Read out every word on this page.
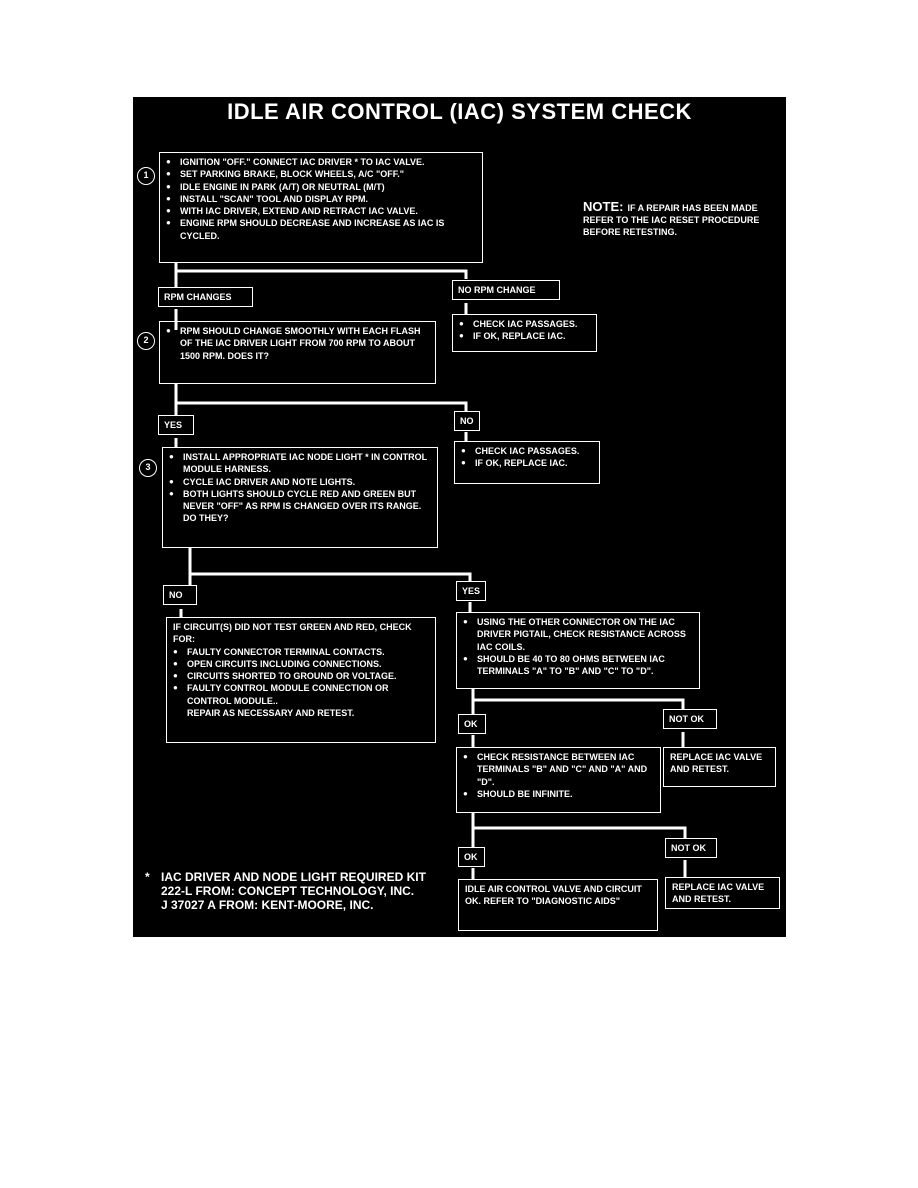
IDLE AIR CONTROL (IAC) SYSTEM CHECK
NOTE: IF A REPAIR HAS BEEN MADE REFER TO THE IAC RESET PROCEDURE BEFORE RETESTING.
1
● IGNITION "OFF." CONNECT IAC DRIVER * TO IAC VALVE.
● SET PARKING BRAKE, BLOCK WHEELS, A/C "OFF."
● IDLE ENGINE IN PARK (A/T) OR NEUTRAL (M/T)
● INSTALL "SCAN" TOOL AND DISPLAY RPM.
● WITH IAC DRIVER, EXTEND AND RETRACT IAC VALVE.
● ENGINE RPM SHOULD DECREASE AND INCREASE AS IAC IS CYCLED.
RPM CHANGES
NO RPM CHANGE
● CHECK IAC PASSAGES.
● IF OK, REPLACE IAC.
2
● RPM SHOULD CHANGE SMOOTHLY WITH EACH FLASH OF THE IAC DRIVER LIGHT FROM 700 RPM TO ABOUT 1500 RPM. DOES IT?
YES	NO
● CHECK IAC PASSAGES.
● IF OK, REPLACE IAC.
3
● INSTALL APPROPRIATE IAC NODE LIGHT * IN CONTROL MODULE HARNESS.
● CYCLE IAC DRIVER AND NOTE LIGHTS.
● BOTH LIGHTS SHOULD CYCLE RED AND GREEN BUT NEVER "OFF" AS RPM IS CHANGED OVER ITS RANGE. DO THEY?
NO	YES
IF CIRCUIT(S) DID NOT TEST GREEN AND RED, CHECK FOR:
● FAULTY CONNECTOR TERMINAL CONTACTS.
● OPEN CIRCUITS INCLUDING CONNECTIONS.
● CIRCUITS SHORTED TO GROUND OR VOLTAGE.
● FAULTY CONTROL MODULE CONNECTION OR CONTROL MODULE..
REPAIR AS NECESSARY AND RETEST.
● USING THE OTHER CONNECTOR ON THE IAC DRIVER PIGTAIL, CHECK RESISTANCE ACROSS IAC COILS.
● SHOULD BE 40 TO 80 OHMS BETWEEN IAC TERMINALS "A" TO "B" AND "C" TO "D".
OK	NOT OK
REPLACE IAC VALVE AND RETEST.
● CHECK RESISTANCE BETWEEN IAC TERMINALS "B" AND "C" AND "A" AND "D".
● SHOULD BE INFINITE.
OK
NOT OK
IDLE AIR CONTROL VALVE AND CIRCUIT OK. REFER TO "DIAGNOSTIC AIDS"
REPLACE IAC VALVE AND RETEST.
* IAC DRIVER AND NODE LIGHT REQUIRED KIT
222-L FROM: CONCEPT TECHNOLOGY, INC.
J 37027 A FROM: KENT-MOORE, INC.
